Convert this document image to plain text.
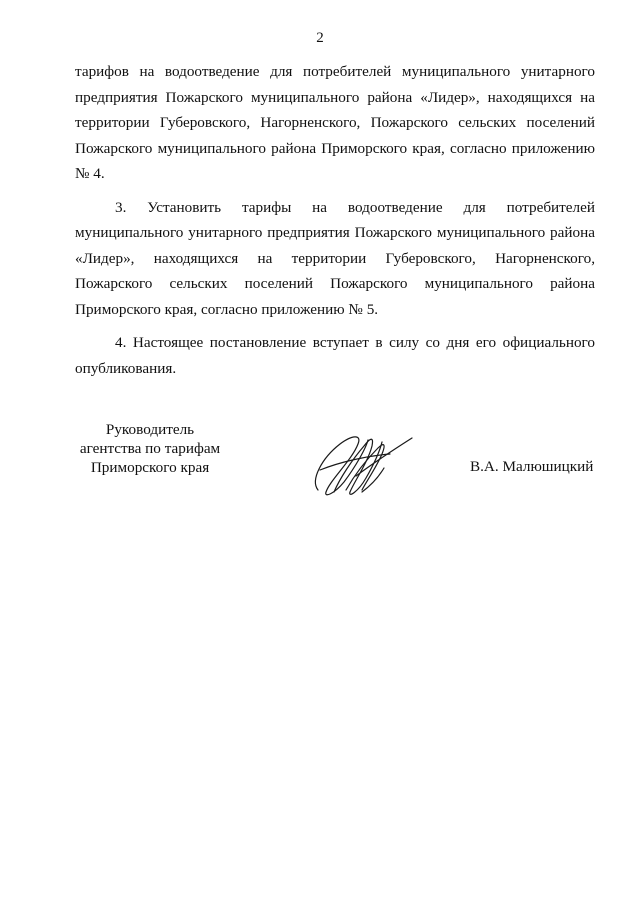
2

тарифов на водоотведение для потребителей муниципального унитарного предприятия Пожарского муниципального района «Лидер», находящихся на территории Губеровского, Нагорненского, Пожарского сельских поселений Пожарского муниципального района Приморского края, согласно приложению № 4.

3. Установить тарифы на водоотведение для потребителей муниципального унитарного предприятия Пожарского муниципального района «Лидер», находящихся на территории Губеровского, Нагорненского, Пожарского сельских поселений Пожарского муниципального района Приморского края, согласно приложению № 5.

4. Настоящее постановление вступает в силу со дня его официального опубликования.

Руководитель
агентства по тарифам
Приморского края	В.А. Малюшицкий
